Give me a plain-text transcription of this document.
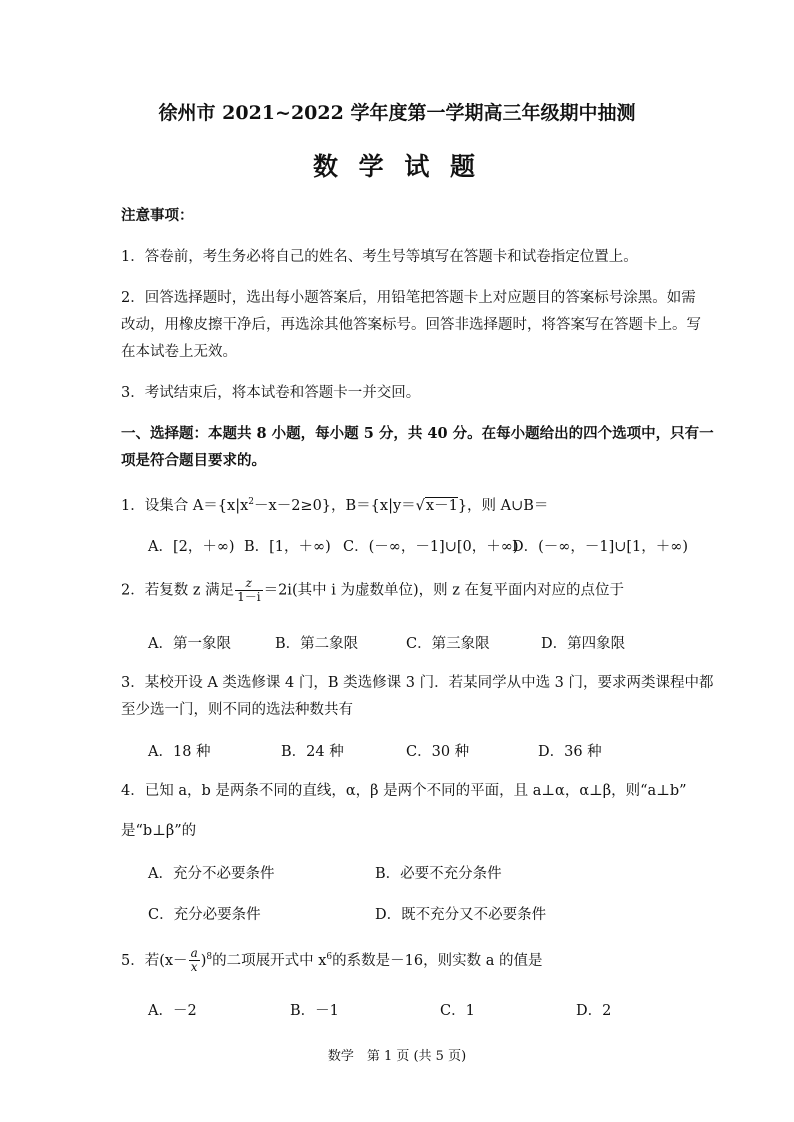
徐州市 2021~2022 学年度第一学期高三年级期中抽测
数 学 试 题
注意事项：
1．答卷前，考生务必将自己的姓名、考生号等填写在答题卡和试卷指定位置上。
2．回答选择题时，选出每小题答案后，用铅笔把答题卡上对应题目的答案标号涂黑。如需
改动，用橡皮擦干净后，再选涂其他答案标号。回答非选择题时，将答案写在答题卡上。写
在本试卷上无效。
3．考试结束后，将本试卷和答题卡一并交回。
一、选择题：本题共 8 小题，每小题 5 分，共 40 分。在每小题给出的四个选项中，只有一
项是符合题目要求的。
1．设集合 $A=\{x|x^2-x-2\ge 0\}$，B＝{x|y＝√x－1}，则 A∪B＝
A．[2，＋∞) B．[1，＋∞) C．(－∞，－1]∪[0，＋∞)
D．(－∞，－1]∪[1，＋∞)
2．若复数 z 满足 $\frac{z}{1-i} =2i$(其中 i 为虚数单位)，则 z 在复平面内对应的点位于
A．第一象限	B．第二象限	C．第三象限	D．第四象限
3．某校开设 A 类选修课 4 门，B 类选修课 3 门．若某同学从中选 3 门，要求两类课程中都
至少选一门，则不同的选法种数共有
A．18 种	B．24 种	C．30 种	D．36 种
4．已知 a，b 是两条不同的直线，α，β 是两个不同的平面，且 a⊥α，α⊥β，则“a⊥b”
是“b⊥β”的
A．充分不必要条件	B．必要不充分条件
C．充分必要条件	D．既不充分又不必要条件
5．若$(x- \frac{a}{x} )^8$的二项展开式中 $x^6$的系数是－16，则实数 a 的值是
A．－2	B．－1	C．1	D．2
数学　第 1 页 (共 5 页)
